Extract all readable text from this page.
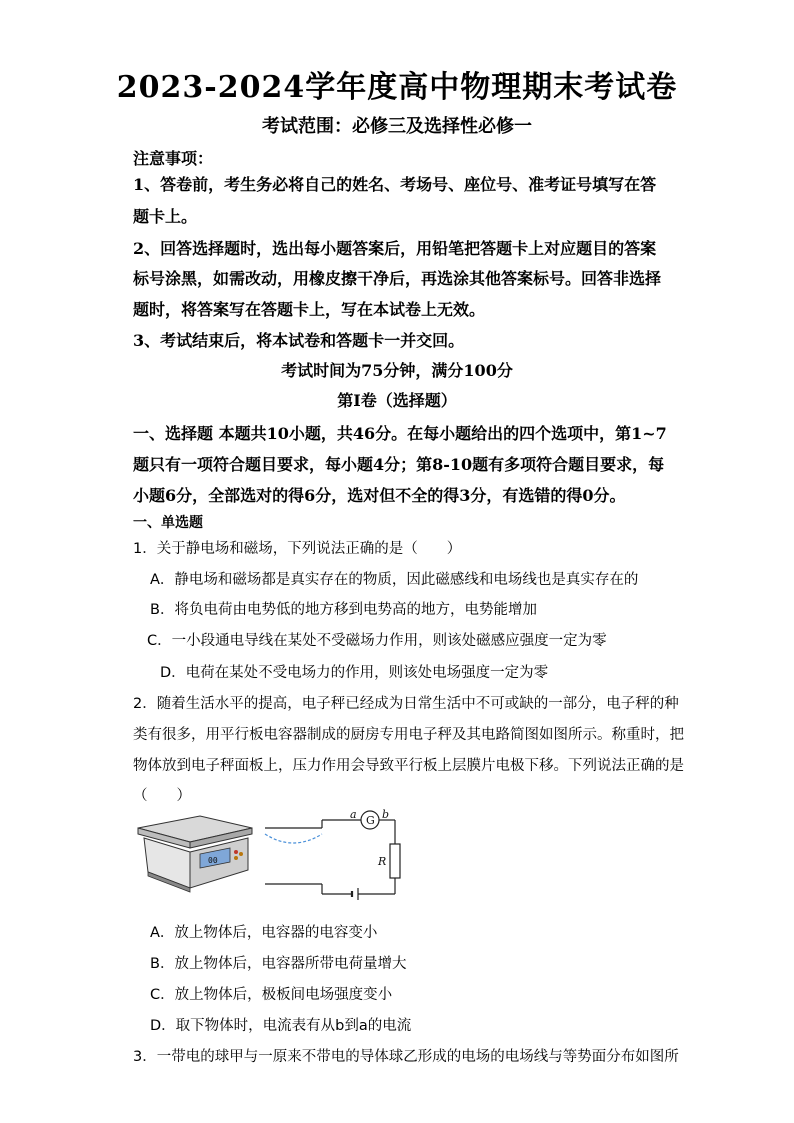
2023-2024学年度高中物理期末考试卷
考试范围：必修三及选择性必修一
注意事项：
1、答卷前，考生务必将自己的姓名、考场号、座位号、准考证号填写在答
题卡上。
2、回答选择题时，选出每小题答案后，用铅笔把答题卡上对应题目的答案
标号涂黑，如需改动，用橡皮擦干净后，再选涂其他答案标号。回答非选择
题时，将答案写在答题卡上，写在本试卷上无效。
3、考试结束后，将本试卷和答题卡一并交回。
考试时间为75分钟，满分100分
第I卷（选择题）
一、选择题 本题共10小题，共46分。在每小题给出的四个选项中，第1~7
题只有一项符合题目要求，每小题4分；第8-10题有多项符合题目要求，每
小题6分，全部选对的得6分，选对但不全的得3分，有选错的得0分。
一、单选题
1．关于静电场和磁场，下列说法正确的是（　　）
A．静电场和磁场都是真实存在的物质，因此磁感线和电场线也是真实存在的
B．将负电荷由电势低的地方移到电势高的地方，电势能增加
C．一小段通电导线在某处不受磁场力作用，则该处磁感应强度一定为零
D．电荷在某处不受电场力的作用，则该处电场强度一定为零
2．随着生活水平的提高，电子秤已经成为日常生活中不可或缺的一部分，电子秤的种
类有很多，用平行板电容器制成的厨房专用电子秤及其电路简图如图所示。称重时，把
物体放到电子秤面板上，压力作用会导致平行板上层膜片电极下移。下列说法正确的是
（　　）
00
G
a b
R
A．放上物体后，电容器的电容变小
B．放上物体后，电容器所带电荷量增大
C．放上物体后，极板间电场强度变小
D．取下物体时，电流表有从b到a的电流
3．一带电的球甲与一原来不带电的导体球乙形成的电场的电场线与等势面分布如图所
